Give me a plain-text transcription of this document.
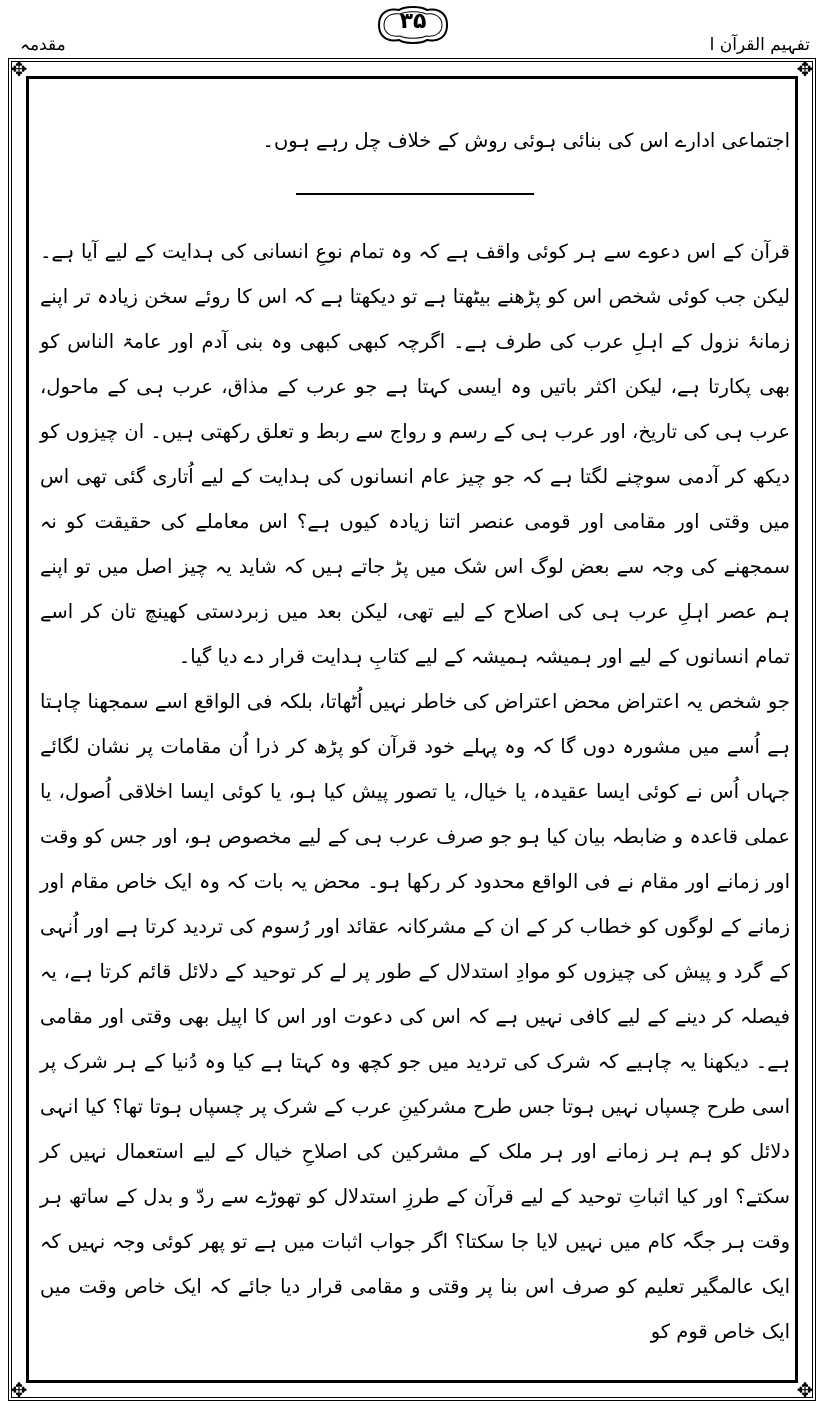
تفہیم القرآن ا
۳۵
مقدمہ
✥	✥
✥	✥

اجتماعی ادارے اس کی بنائی ہوئی روش کے خلاف چل رہے ہوں۔

قرآن کے اس دعوے سے ہر کوئی واقف ہے کہ وہ تمام نوعِ انسانی کی ہدایت کے لیے آیا ہے۔ لیکن جب کوئی شخص اس کو پڑھنے بیٹھتا ہے تو دیکھتا ہے کہ اس کا روئے سخن زیادہ تر اپنے زمانۂ نزول کے اہلِ عرب کی طرف ہے۔ اگرچہ کبھی کبھی وہ بنی آدم اور عامۃ الناس کو بھی پکارتا ہے، لیکن اکثر باتیں وہ ایسی کہتا ہے جو عرب کے مذاق، عرب ہی کے ماحول، عرب ہی کی تاریخ، اور عرب ہی کے رسم و رواج سے ربط و تعلق رکھتی ہیں۔ ان چیزوں کو دیکھ کر آدمی سوچنے لگتا ہے کہ جو چیز عام انسانوں کی ہدایت کے لیے اُتاری گئی تھی اس میں وقتی اور مقامی اور قومی عنصر اتنا زیادہ کیوں ہے؟ اس معاملے کی حقیقت کو نہ سمجھنے کی وجہ سے بعض لوگ اس شک میں پڑ جاتے ہیں کہ شاید یہ چیز اصل میں تو اپنے ہم عصر اہلِ عرب ہی کی اصلاح کے لیے تھی، لیکن بعد میں زبردستی کھینچ تان کر اسے تمام انسانوں کے لیے اور ہمیشہ ہمیشہ کے لیے کتابِ ہدایت قرار دے دیا گیا۔

جو شخص یہ اعتراض محض اعتراض کی خاطر نہیں اُٹھاتا، بلکہ فی الواقع اسے سمجھنا چاہتا ہے اُسے میں مشورہ دوں گا کہ وہ پہلے خود قرآن کو پڑھ کر ذرا اُن مقامات پر نشان لگائے جہاں اُس نے کوئی ایسا عقیدہ، یا خیال، یا تصور پیش کیا ہو، یا کوئی ایسا اخلاقی اُصول، یا عملی قاعدہ و ضابطہ بیان کیا ہو جو صرف عرب ہی کے لیے مخصوص ہو، اور جس کو وقت اور زمانے اور مقام نے فی الواقع محدود کر رکھا ہو۔ محض یہ بات کہ وہ ایک خاص مقام اور زمانے کے لوگوں کو خطاب کر کے ان کے مشرکانہ عقائد اور رُسوم کی تردید کرتا ہے اور اُنہی کے گرد و پیش کی چیزوں کو موادِ استدلال کے طور پر لے کر توحید کے دلائل قائم کرتا ہے، یہ فیصلہ کر دینے کے لیے کافی نہیں ہے کہ اس کی دعوت اور اس کا اپیل بھی وقتی اور مقامی ہے۔ دیکھنا یہ چاہیے کہ شرک کی تردید میں جو کچھ وہ کہتا ہے کیا وہ دُنیا کے ہر شرک پر اسی طرح چسپاں نہیں ہوتا جس طرح مشرکینِ عرب کے شرک پر چسپاں ہوتا تھا؟ کیا انہی دلائل کو ہم ہر زمانے اور ہر ملک کے مشرکین کی اصلاحِ خیال کے لیے استعمال نہیں کر سکتے؟ اور کیا اثباتِ توحید کے لیے قرآن کے طرزِ استدلال کو تھوڑے سے ردّ و بدل کے ساتھ ہر وقت ہر جگہ کام میں نہیں لایا جا سکتا؟ اگر جواب اثبات میں ہے تو پھر کوئی وجہ نہیں کہ ایک عالمگیر تعلیم کو صرف اس بنا پر وقتی و مقامی قرار دیا جائے کہ ایک خاص وقت میں ایک خاص قوم کو
